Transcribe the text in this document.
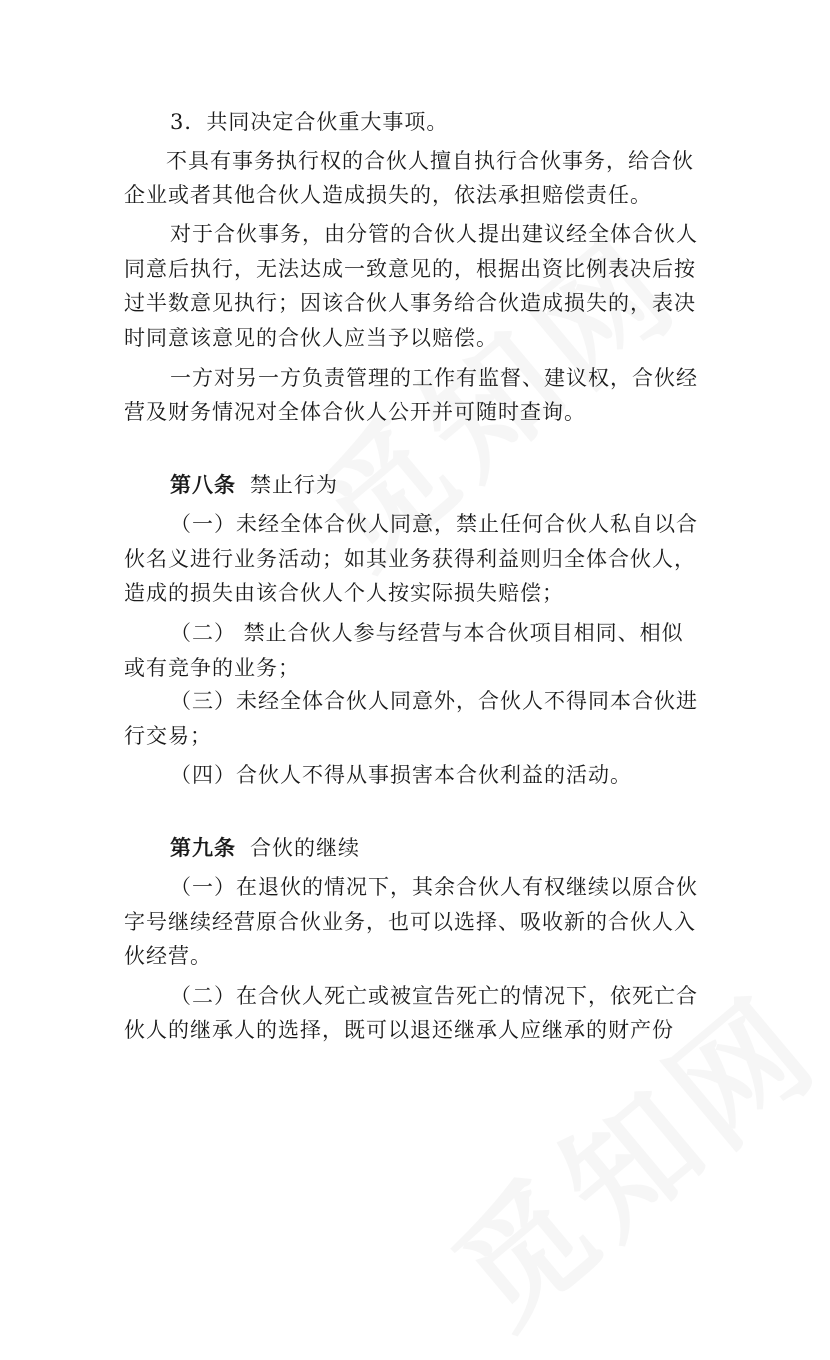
3．共同决定合伙重大事项。
不具有事务执行权的合伙人擅自执行合伙事务，给合伙
企业或者其他合伙人造成损失的，依法承担赔偿责任。
对于合伙事务，由分管的合伙人提出建议经全体合伙人
同意后执行，无法达成一致意见的，根据出资比例表决后按
过半数意见执行；因该合伙人事务给合伙造成损失的，表决
时同意该意见的合伙人应当予以赔偿。
一方对另一方负责管理的工作有监督、建议权，合伙经
营及财务情况对全体合伙人公开并可随时查询。
第八条 禁止行为
（一）未经全体合伙人同意，禁止任何合伙人私自以合
伙名义进行业务活动；如其业务获得利益则归全体合伙人，
造成的损失由该合伙人个人按实际损失赔偿；
（二） 禁止合伙人参与经营与本合伙项目相同、相似
或有竞争的业务；
（三）未经全体合伙人同意外，合伙人不得同本合伙进
行交易；
（四）合伙人不得从事损害本合伙利益的活动。
第九条 合伙的继续
（一）在退伙的情况下，其余合伙人有权继续以原合伙
字号继续经营原合伙业务，也可以选择、吸收新的合伙人入
伙经营。
（二）在合伙人死亡或被宣告死亡的情况下，依死亡合
伙人的继承人的选择，既可以退还继承人应继承的财产份
